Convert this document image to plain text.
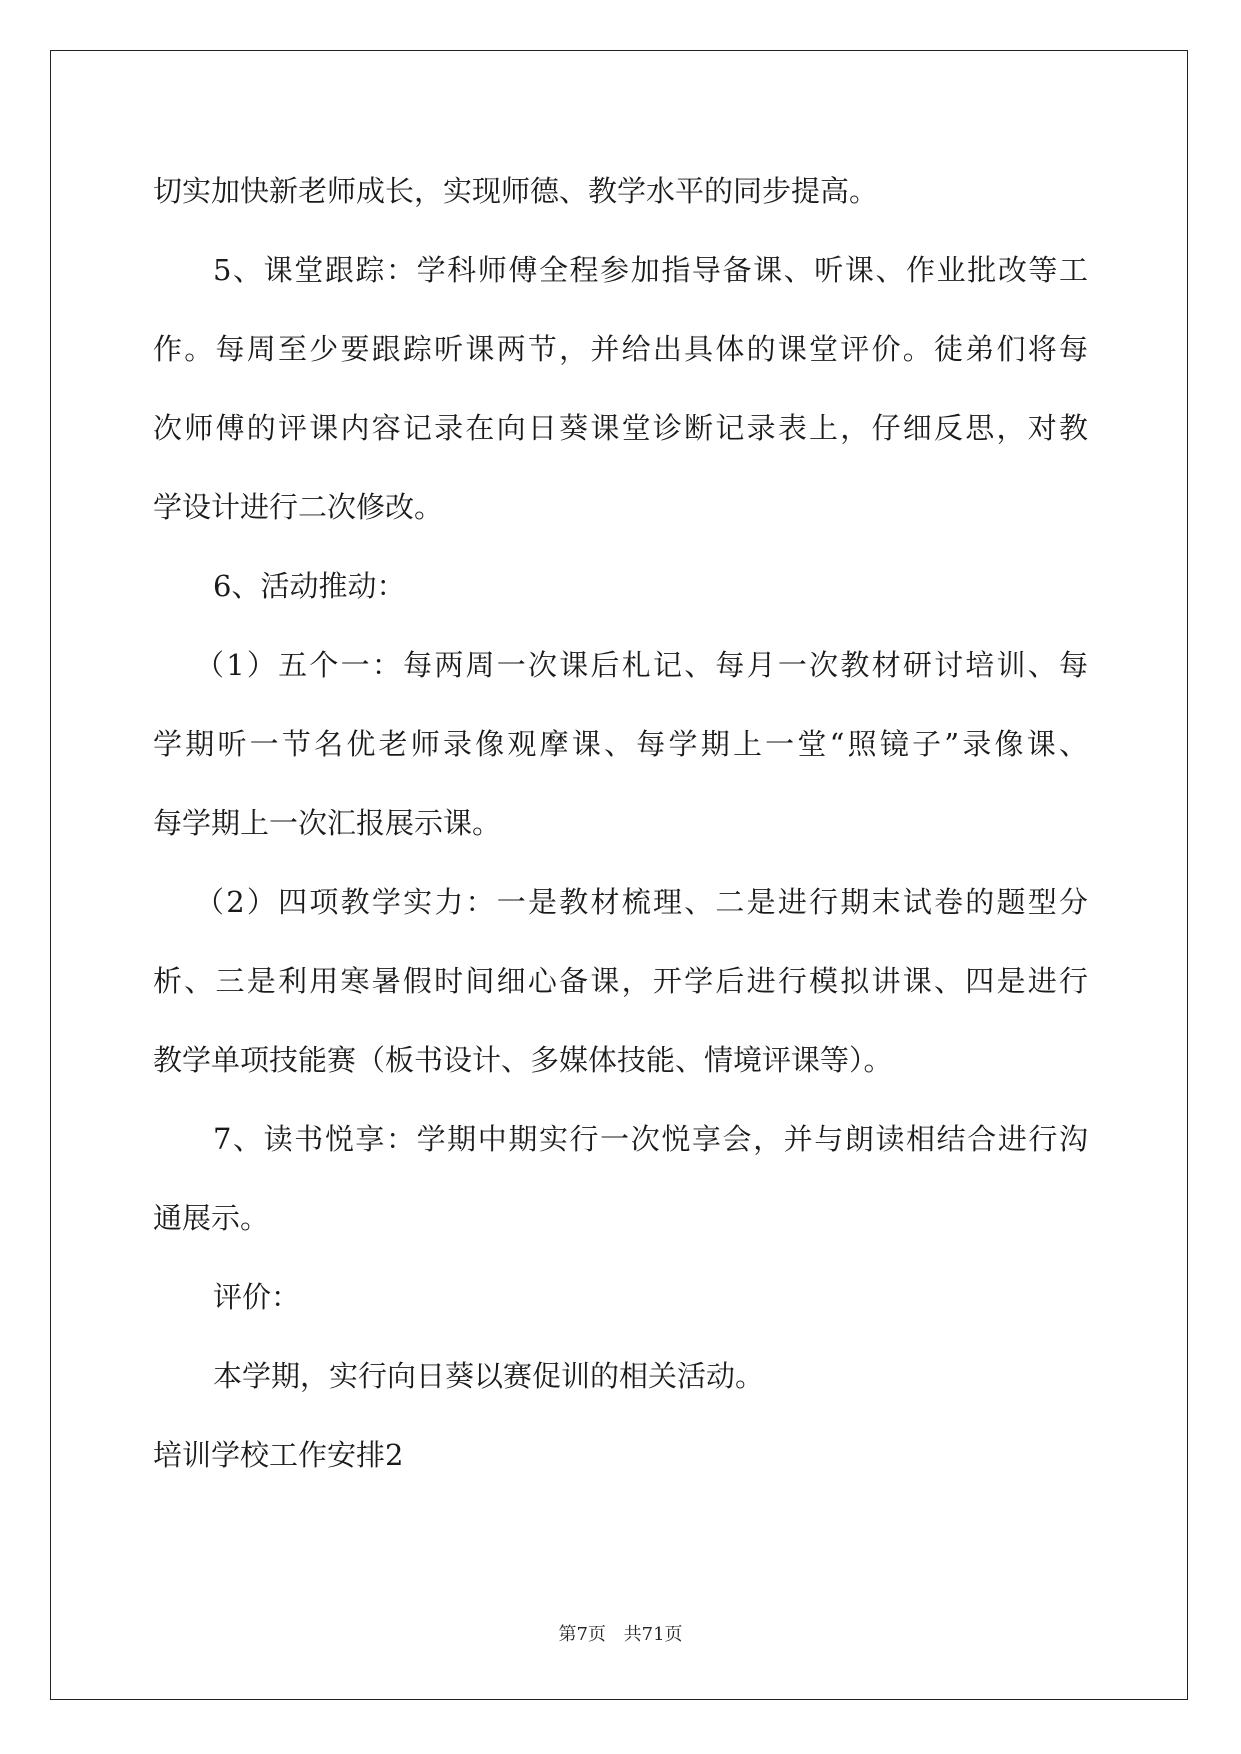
切实加快新老师成长，实现师德、教学水平的同步提高。
5、课堂跟踪：学科师傅全程参加指导备课、听课、作业批改等工
作。每周至少要跟踪听课两节，并给出具体的课堂评价。徒弟们将每
次师傅的评课内容记录在向日葵课堂诊断记录表上，仔细反思，对教
学设计进行二次修改。
6、活动推动：
（1）五个一：每两周一次课后札记、每月一次教材研讨培训、每
学期听一节名优老师录像观摩课、每学期上一堂“照镜子”录像课、
每学期上一次汇报展示课。
（2）四项教学实力：一是教材梳理、二是进行期末试卷的题型分
析、三是利用寒暑假时间细心备课，开学后进行模拟讲课、四是进行
教学单项技能赛（板书设计、多媒体技能、情境评课等）。
7、读书悦享：学期中期实行一次悦享会，并与朗读相结合进行沟
通展示。
评价：
本学期，实行向日葵以赛促训的相关活动。
培训学校工作安排2
第7页 共71页
